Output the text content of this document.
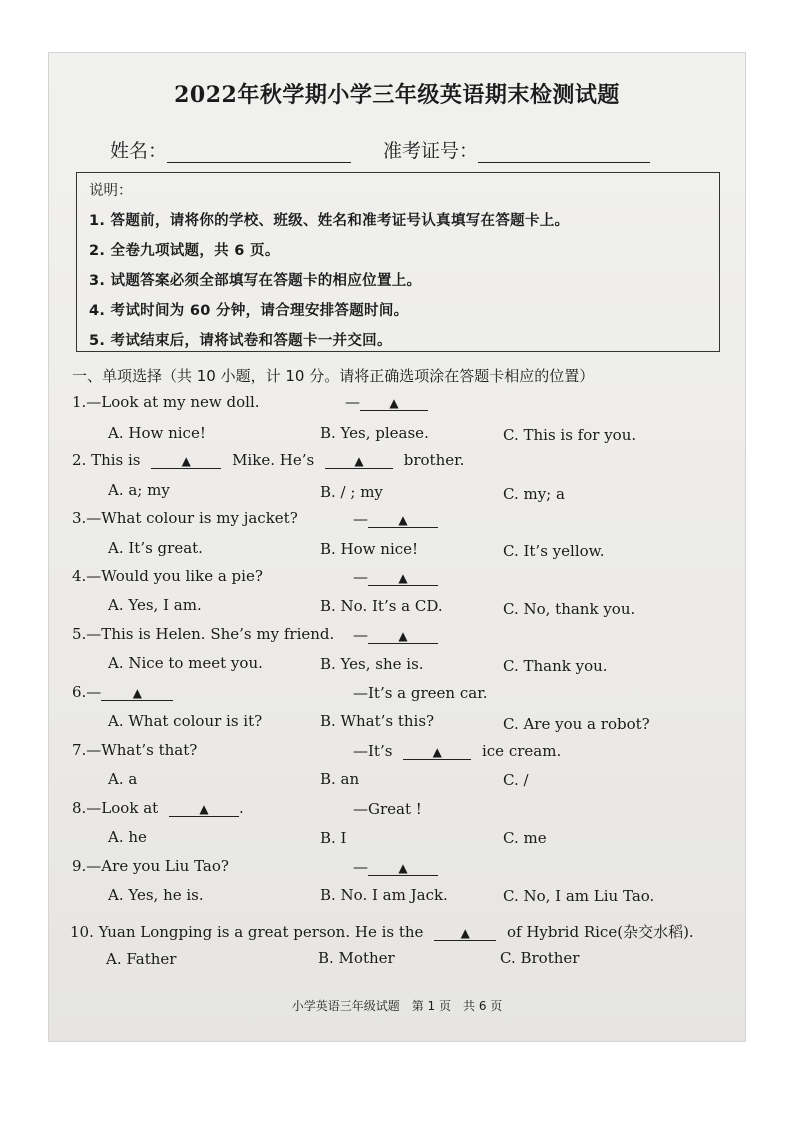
2022年秋学期小学三年级英语期末检测试题
姓名：	准考证号：
说明：
1. 答题前，请将你的学校、班级、姓名和准考证号认真填写在答题卡上。
2. 全卷九项试题，共 6 页。
3. 试题答案必须全部填写在答题卡的相应位置上。
4. 考试时间为 60 分钟，请合理安排答题时间。
5. 考试结束后，请将试卷和答题卡一并交回。
一、单项选择（共 10 小题，计 10 分。请将正确选项涂在答题卡相应的位置）
1.—Look at my new doll.	— ▲
A. How nice!	B. Yes, please.	C. This is for you.
2. This is	▲	Mike. He’s	▲	brother.
A. a; my	B. / ; my	C. my; a
3.—What colour is my jacket?	—	▲
A. It’s great.	B. How nice!	C. It’s yellow.
4.—Would you like a pie?	—	▲
A. Yes, I am.	B. No. It’s a CD.	C. No, thank you.
5.—This is Helen. She’s my friend. —	▲
A. Nice to meet you.	B. Yes, she is.	C. Thank you.
6.—	▲	—It’s a green car.
A. What colour is it?	B. What’s this?	C. Are you a robot?
7.—What’s that?	—It’s	▲	ice cream.
A. a	B. an	C. /
8.—Look at	▲ .	—Great !
A. he	B. I	C. me
9.—Are you Liu Tao?	—	▲
A. Yes, he is.	B. No. I am Jack.	C. No, I am Liu Tao.
10. Yuan Longping is a great person. He is the	▲ of Hybrid Rice(杂交水稻).
A. Father	B. Mother	C. Brother
小学英语三年级试题　第 1 页　共 6 页
